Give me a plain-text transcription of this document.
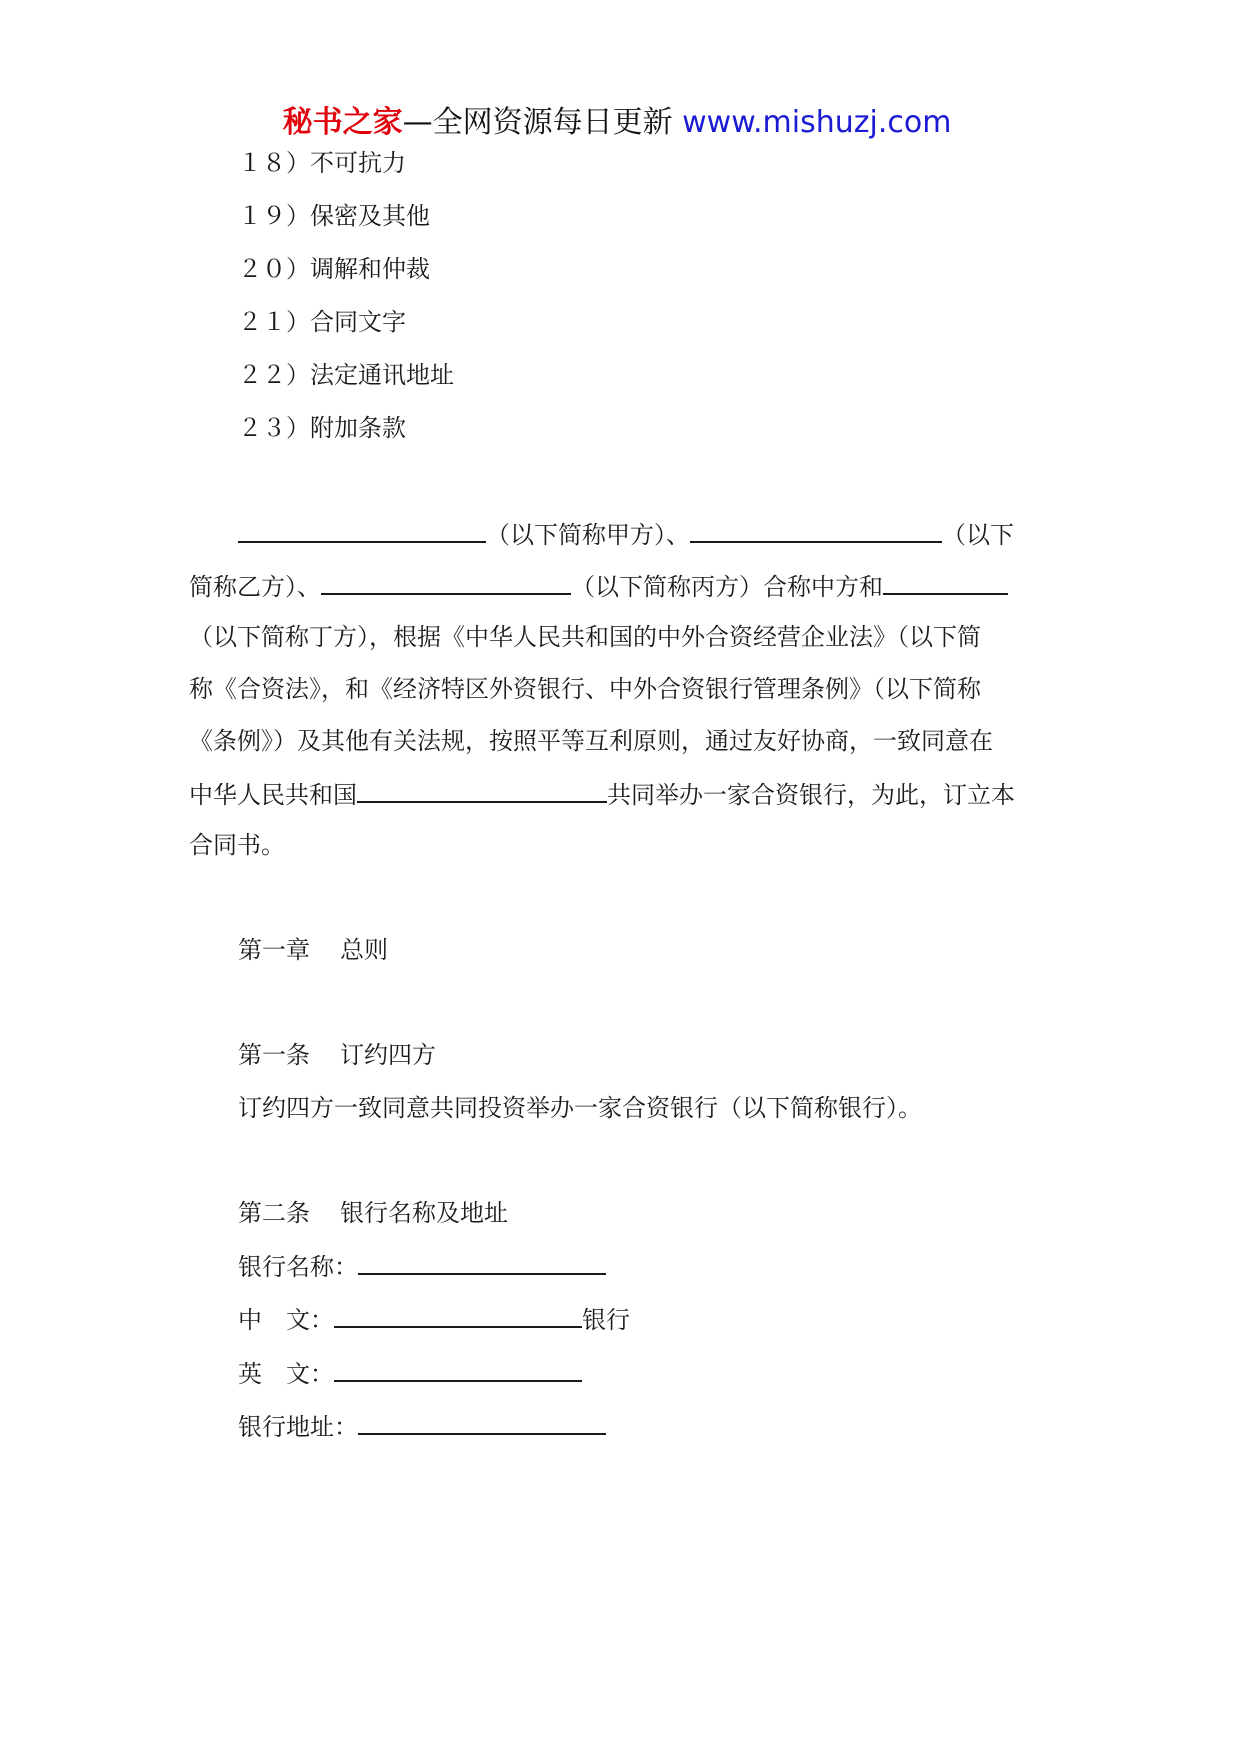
秘书之家—全网资源每日更新 www.mishuzj.com
１８）不可抗力
１９）保密及其他
２０）调解和仲裁
２１）合同文字
２２）法定通讯地址
２３）附加条款
（以下简称甲方）、	（以下
简称乙方）、	（以下简称丙方）合称中方和
（以下简称丁方），根据《中华人民共和国的中外合资经营企业法》（以下简
称《合资法》，和《经济特区外资银行、中外合资银行管理条例》（以下简称
《条例》）及其他有关法规，按照平等互利原则，通过友好协商，一致同意在
中华人民共和国	共同举办一家合资银行，为此，订立本
合同书。
第一章 总则
第一条 订约四方
订约四方一致同意共同投资举办一家合资银行（以下简称银行）。
第二条 银行名称及地址
银行名称：
中　文：	银行
英　文：
银行地址：
